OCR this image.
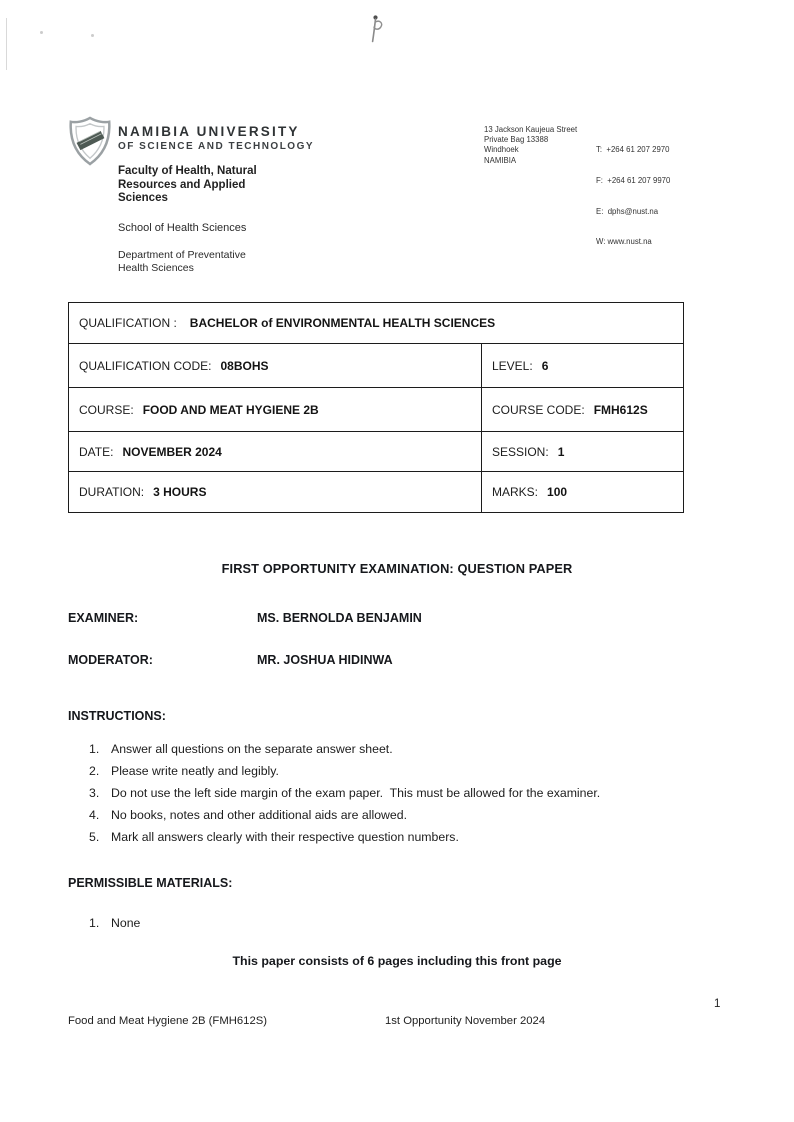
NAMIBIA UNIVERSITY
OF SCIENCE AND TECHNOLOGY
Faculty of Health, Natural
Resources and Applied
Sciences
School of Health Sciences
Department of Preventative
Health Sciences
13 Jackson Kaujeua Street
Private Bag 13388
Windhoek
NAMIBIA

T:  +264 61 207 2970

F:  +264 61 207 9970

E:  dphs@nust.na

W: www.nust.na

QUALIFICATION : BACHELOR of ENVIRONMENTAL HEALTH SCIENCES
QUALIFICATION CODE: 08BOHS	LEVEL: 6
COURSE: FOOD AND MEAT HYGIENE 2B	COURSE CODE: FMH612S
DATE: NOVEMBER 2024	SESSION: 1
DURATION: 3 HOURS	MARKS: 100
FIRST OPPORTUNITY EXAMINATION: QUESTION PAPER
EXAMINER:	MS. BERNOLDA BENJAMIN
MODERATOR:	MR. JOSHUA HIDINWA
INSTRUCTIONS:
1. Answer all questions on the separate answer sheet.
2. Please write neatly and legibly.
3. Do not use the left side margin of the exam paper.  This must be allowed for the examiner.
4. No books, notes and other additional aids are allowed.
5. Mark all answers clearly with their respective question numbers.
PERMISSIBLE MATERIALS:
1. None
This paper consists of 6 pages including this front page
1
Food and Meat Hygiene 2B (FMH612S)	1st Opportunity November 2024
